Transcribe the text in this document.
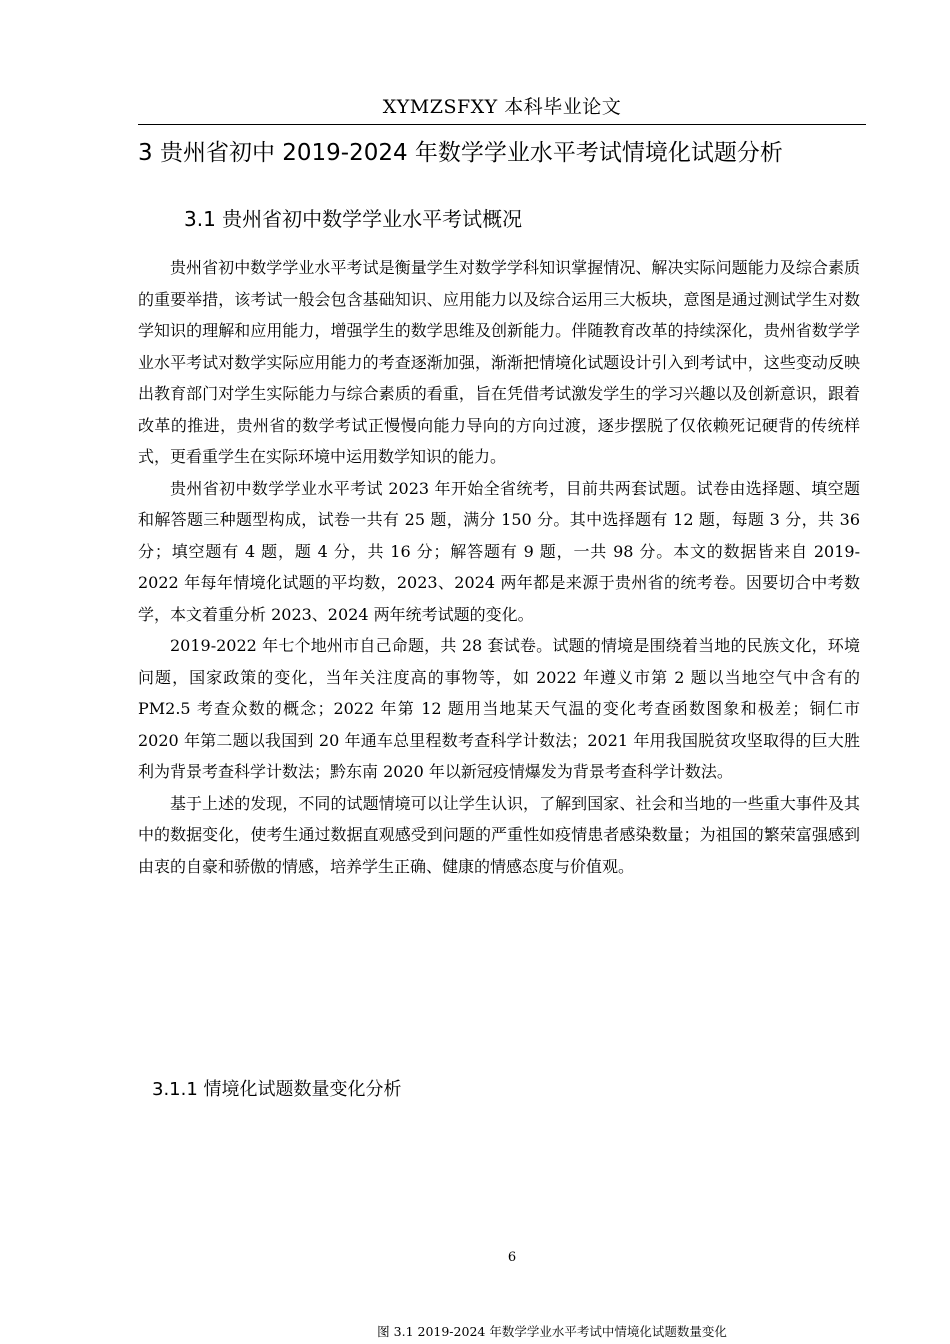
XYMZSFXY 本科毕业论文
3 贵州省初中 2019-2024 年数学学业水平考试情境化试题分析
3.1 贵州省初中数学学业水平考试概况

贵州省初中数学学业水平考试是衡量学生对数学学科知识掌握情况、解决实际问题能力及综合素质的重要举措，该考试一般会包含基础知识、应用能力以及综合运用三大板块，意图是通过测试学生对数学知识的理解和应用能力，增强学生的数学思维及创新能力。伴随教育改革的持续深化，贵州省数学学业水平考试对数学实际应用能力的考查逐渐加强，渐渐把情境化试题设计引入到考试中，这些变动反映出教育部门对学生实际能力与综合素质的看重，旨在凭借考试激发学生的学习兴趣以及创新意识，跟着改革的推进，贵州省的数学考试正慢慢向能力导向的方向过渡，逐步摆脱了仅依赖死记硬背的传统样式，更看重学生在实际环境中运用数学知识的能力。

贵州省初中数学学业水平考试 2023 年开始全省统考，目前共两套试题。试卷由选择题、填空题和解答题三种题型构成，试卷一共有 25 题，满分 150 分。其中选择题有 12 题，每题 3 分，共 36 分；填空题有 4 题，题 4 分，共 16 分；解答题有 9 题，一共 98 分。本文的数据皆来自 2019-2022 年每年情境化试题的平均数，2023、2024 两年都是来源于贵州省的统考卷。因要切合中考数学，本文着重分析 2023、2024 两年统考试题的变化。

2019-2022 年七个地州市自己命题，共 28 套试卷。试题的情境是围绕着当地的民族文化，环境问题，国家政策的变化，当年关注度高的事物等，如 2022 年遵义市第 2 题以当地空气中含有的 PM2.5 考查众数的概念；2022 年第 12 题用当地某天气温的变化考查函数图象和极差；铜仁市 2020 年第二题以我国到 20 年通车总里程数考查科学计数法；2021 年用我国脱贫攻坚取得的巨大胜利为背景考查科学计数法；黔东南 2020 年以新冠疫情爆发为背景考查科学计数法。

基于上述的发现，不同的试题情境可以让学生认识，了解到国家、社会和当地的一些重大事件及其中的数据变化，使考生通过数据直观感受到问题的严重性如疫情患者感染数量；为祖国的繁荣富强感到由衷的自豪和骄傲的情感，培养学生正确、健康的情感态度与价值观。

3.1.1 情境化试题数量变化分析
6
图 3.1 2019-2024 年数学学业水平考试中情境化试题数量变化
